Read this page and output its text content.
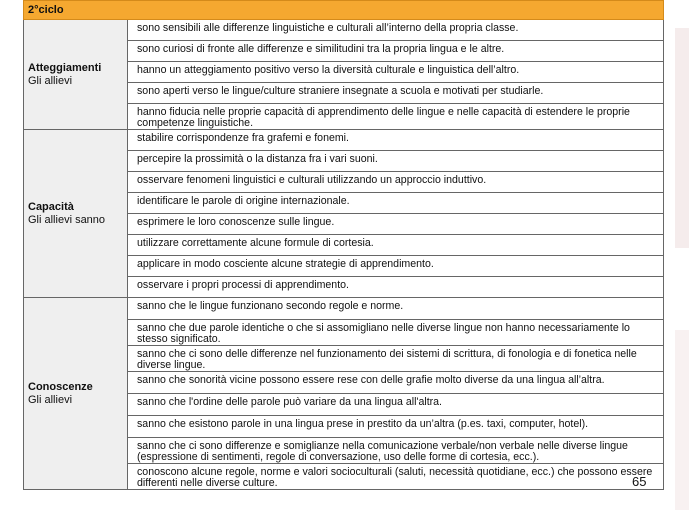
2°ciclo
Atteggiamenti
Gli allievi
sono sensibili alle differenze linguistiche e culturali all’interno della propria classe.
sono curiosi di fronte alle differenze e similitudini tra la propria lingua e le altre.
hanno un atteggiamento positivo verso la diversità culturale e linguistica dell’altro.
sono aperti verso le lingue/culture straniere insegnate a scuola e motivati per studiarle.
hanno fiducia nelle proprie capacità di apprendimento delle lingue e nelle capacità di estendere le proprie competenze linguistiche.
Capacità
Gli allievi sanno
stabilire corrispondenze fra grafemi e fonemi.
percepire la prossimità o la distanza fra i vari suoni.
osservare fenomeni linguistici e culturali utilizzando un approccio induttivo.
identificare le parole di origine internazionale.
esprimere le loro conoscenze sulle lingue.
utilizzare correttamente alcune formule di cortesia.
applicare in modo cosciente alcune strategie di apprendimento.
osservare i propri processi di apprendimento.
Conoscenze
Gli allievi
sanno che le lingue funzionano secondo regole e norme.
sanno che due parole identiche o che si assomigliano nelle diverse lingue non hanno necessariamente lo stesso significato.
sanno che ci sono delle differenze nel funzionamento dei sistemi di scrittura, di fonologia e di fonetica nelle diverse lingue.
sanno che sonorità vicine possono essere rese con delle grafie molto diverse da una lingua all’altra.
sanno che l'ordine delle parole può variare da una lingua all'altra.
sanno che esistono parole in una lingua prese in prestito da un’altra (p.es. taxi, computer, hotel).
sanno che ci sono differenze e somiglianze nella comunicazione verbale/non verbale nelle diverse lingue (espressione di sentimenti, regole di conversazione, uso delle forme di cortesia, ecc.).
conoscono alcune regole, norme e valori socioculturali (saluti, necessità quotidiane, ecc.) che possono essere differenti nelle diverse culture.	65
